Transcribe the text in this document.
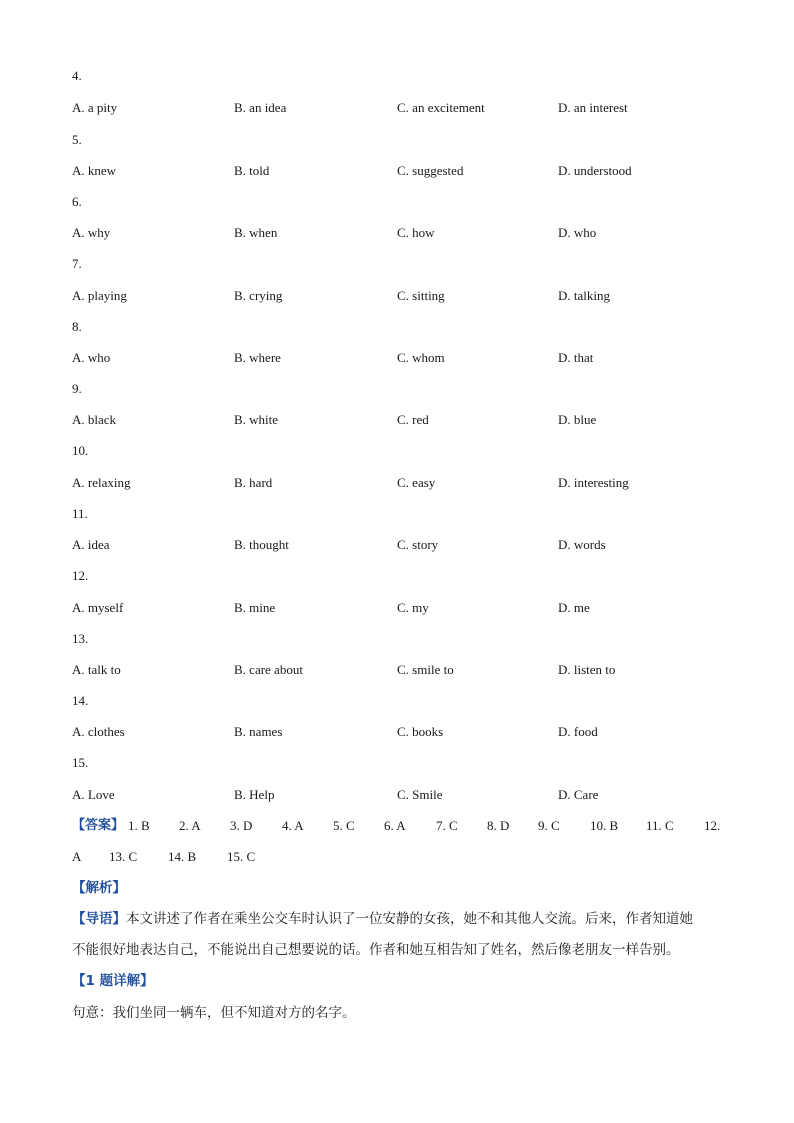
4.
A. a pity	B. an idea	C. an excitement	D. an interest
5.
A. knew	B. told	C. suggested	D. understood
6.
A. why	B. when	C. how	D. who
7.
A. playing	B. crying	C. sitting	D. talking
8.
A. who	B. where	C. whom	D. that
9.
A. black	B. white	C. red	D. blue
10.
A. relaxing	B. hard	C. easy	D. interesting
11.
A. idea	B. thought	C. story	D. words
12.
A. myself	B. mine	C. my	D. me
13.
A. talk to	B. care about	C. smile to	D. listen to
14.
A. clothes	B. names	C. books	D. food
15.
A. Love	B. Help	C. Smile	D. Care
【答案】 1. B 2. A 3. D 4. A 5. C 6. A 7. C 8. D 9. C 10. B 11. C 12.
A 13. C 14. B 15. C
【解析】
【导语】本文讲述了作者在乘坐公交车时认识了一位安静的女孩，她不和其他人交流。后来，作者知道她
不能很好地表达自己，不能说出自己想要说的话。作者和她互相告知了姓名，然后像老朋友一样告别。
【1 题详解】
句意：我们坐同一辆车，但不知道对方的名字。
